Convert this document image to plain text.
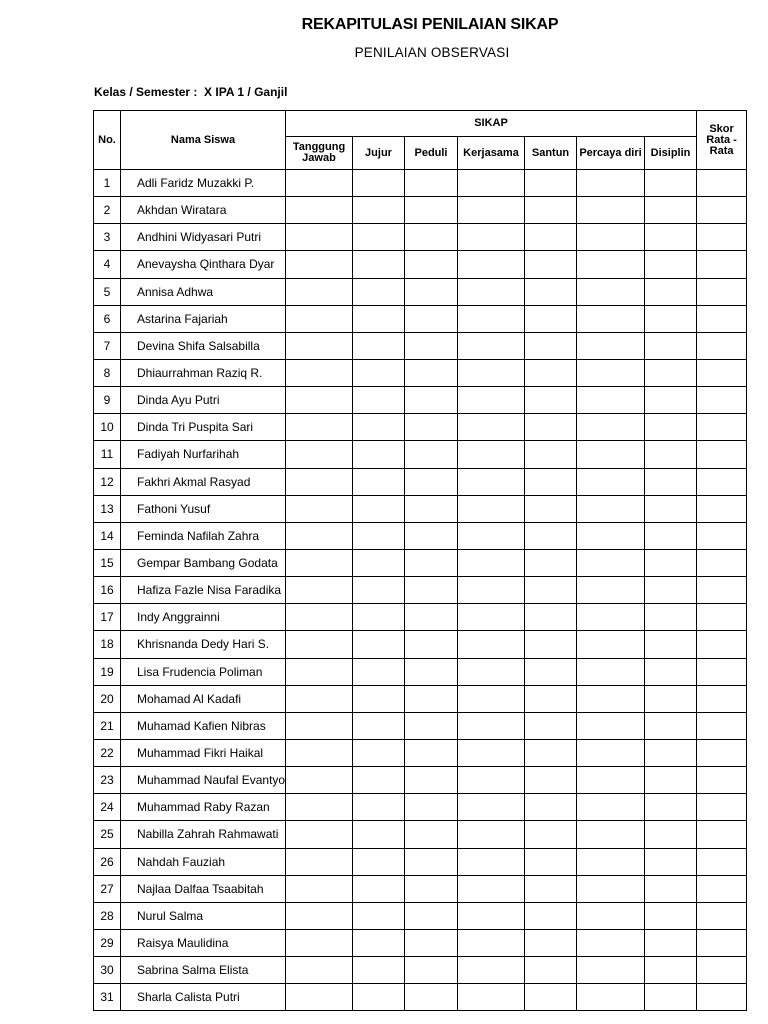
REKAPITULASI PENILAIAN SIKAP
PENILAIAN OBSERVASI
Kelas / Semester :  X IPA 1 / Ganjil
No.	Nama Siswa	SIKAP							Skor Rata - Rata
		Tanggung Jawab	Jujur	Peduli	Kerjasama	Santun	Percaya diri	Disiplin	
1	Adli Faridz Muzakki P.								
2	Akhdan Wiratara								
3	Andhini Widyasari Putri								
4	Anevaysha Qinthara Dyar								
5	Annisa Adhwa								
6	Astarina Fajariah								
7	Devina Shifa Salsabilla								
8	Dhiaurrahman Raziq R.								
9	Dinda Ayu Putri								
10	Dinda Tri Puspita Sari								
11	Fadiyah Nurfarihah								
12	Fakhri Akmal Rasyad								
13	Fathoni Yusuf								
14	Feminda Nafilah Zahra								
15	Gempar Bambang Godata								
16	Hafiza Fazle Nisa Faradika								
17	Indy Anggrainni								
18	Khrisnanda Dedy Hari S.								
19	Lisa Frudencia Poliman								
20	Mohamad Al Kadafi								
21	Muhamad Kafien Nibras								
22	Muhammad Fikri Haikal								
23	Muhammad Naufal Evantyo								
24	Muhammad Raby Razan								
25	Nabilla Zahrah Rahmawati								
26	Nahdah Fauziah								
27	Najlaa Dalfaa Tsaabitah								
28	Nurul Salma								
29	Raisya Maulidina								
30	Sabrina Salma Elista								
31	Sharla Calista Putri								
